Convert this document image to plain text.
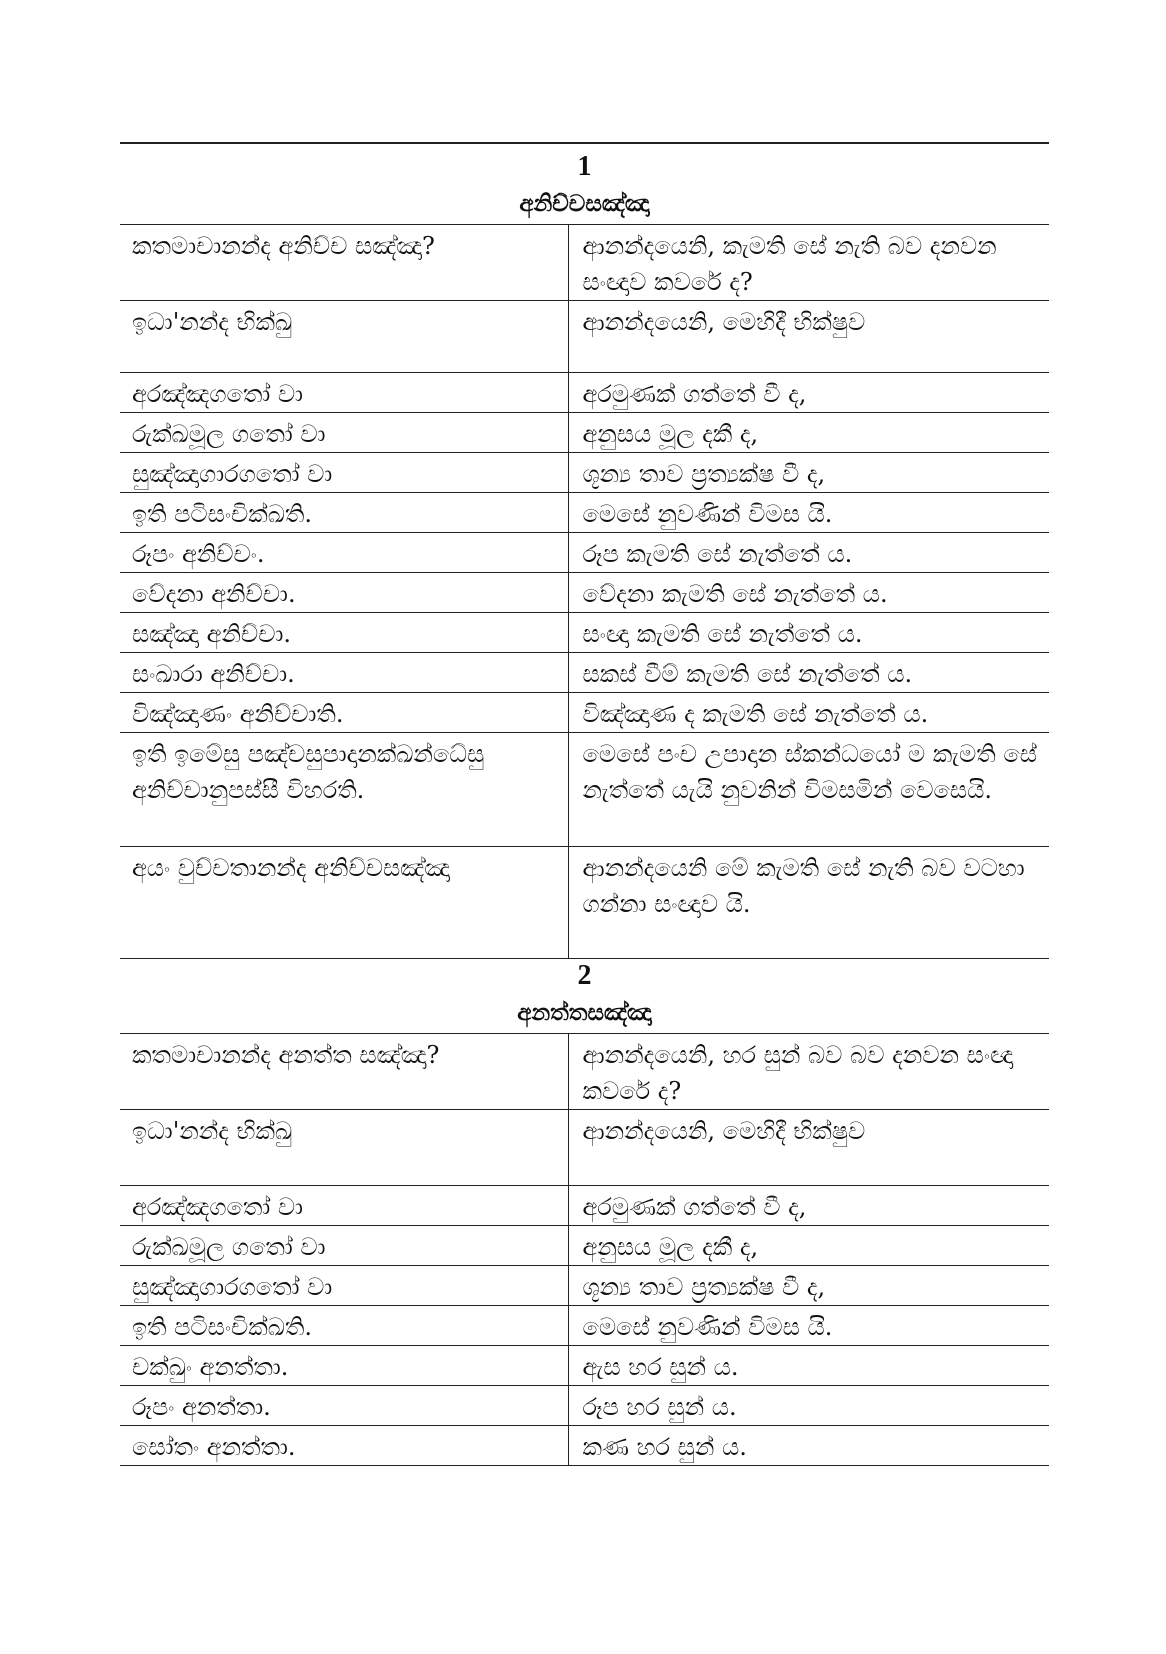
1
අනිච්චසඤ්ඤා
කතමාචානන්ද අනිච්ච සඤ්ඤා?	ආනන්දයෙනි, කැමති සේ නැති බව දනවන සංඥාව කවරේ ද?
ඉධා'නන්ද භික්ඛු	ආනන්දයෙනි, මෙහිදී භික්ෂුව
අරඤ්ඤගතෝ වා	අරමුණක් ගත්තේ වී ද,
රුක්ඛමූල ගතෝ වා	අනුසය මූල දකී ද,
සුඤ්ඤාගාරගතෝ වා	ශූන්‍ය තාව ප්‍රත්‍යක්ෂ වී ද,
ඉති පටිසංචික්ඛති.	මෙසේ නුවණින් විමස යි.
රූපං අනිච්චං.	රූප කැමති සේ නැත්තේ ය.
වේදනා අනිච්චා.	වේදනා කැමති සේ නැත්තේ ය.
සඤ්ඤා අනිච්චා.	සංඥා කැමති සේ නැත්තේ ය.
සංඛාරා අනිච්චා.	සකස් වීම් කැමති සේ නැත්තේ ය.
විඤ්ඤාණං අනිච්චාති.	විඤ්ඤාණ ද කැමති සේ නැත්තේ ය.
ඉති ඉමේසු පඤ්චසුපාදානක්ඛන්ධේසු අනිච්චානුපස්සී විහරති.	මෙසේ පංච උපාදාන ස්කන්ධයෝ ම කැමති සේ නැත්තේ යැයි නුවනින් විමසමින් වෙසෙයි.
අයං වුච්චතානන්ද අනිච්චසඤ්ඤා	ආනන්දයෙනි මේ කැමති සේ නැති බව වටහා ගන්නා සංඥාව යි.
2
අනත්තසඤ්ඤා
කතමාචානන්ද අනත්ත සඤ්ඤා?	ආනන්දයෙනි, හර සුන් බව බව දනවන සංඥා කවරේ ද?
ඉධා'නන්ද භික්ඛු	ආනන්දයෙනි, මෙහිදී භික්ෂුව
අරඤ්ඤගතෝ වා	අරමුණක් ගත්තේ වී ද,
රුක්ඛමූල ගතෝ වා	අනුසය මූල දකී ද,
සුඤ්ඤාගාරගතෝ වා	ශූන්‍ය තාව ප්‍රත්‍යක්ෂ වී ද,
ඉති පටිසංචික්ඛති.	මෙසේ නුවණින් විමස යි.
චක්ඛුං අනත්තා.	ඇස හර සුන් ය.
රූපං අනත්තා.	රූප හර සුන් ය.
සෝතං අනත්තා.	කණ හර සුන් ය.
